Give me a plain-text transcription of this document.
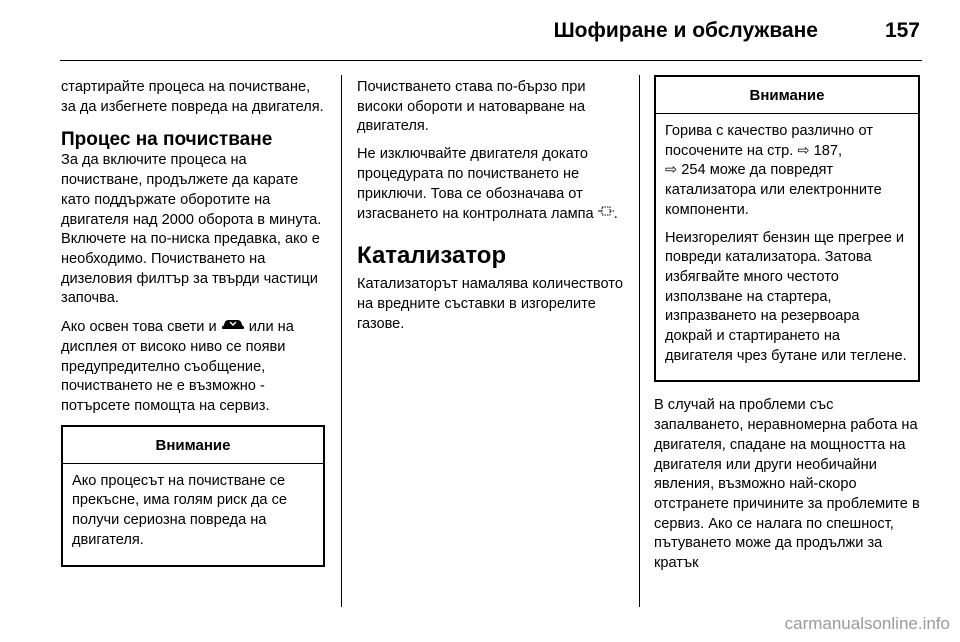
Шофиране и обслужване	157

стартирайте процеса на почистване, за да избегнете повреда на двигателя.

Процес на почистване

За да включите процеса на почистване, продължете да карате като поддържате оборотите на двигателя над 2000 оборота в минута. Включете на по-ниска предавка, ако е необходимо. Почистването на дизеловия филтър за твърди частици започва.

Ако освен това свети и или на дисплея от високо ниво се появи предупредително съобщение, почистването не е възможно - потърсете помощта на сервиз.

Внимание

Ако процесът на почистване се прекъсне, има голям риск да се получи сериозна повреда на двигателя.

Почистването става по-бързо при високи обороти и натоварване на двигателя.

Не изключвайте двигателя докато процедурата по почистването не приключи. Това се обозначава от изгасването на контролната лампа .

Катализатор

Катализаторът намалява количеството на вредните съставки в изгорелите газове.

Внимание

Горива с качество различно от посочените на стр. ⇨ 187,
⇨ 254 може да повредят катализатора или електронните компоненти.

Неизгорелият бензин ще прегрее и повреди катализатора. Затова избягвайте много честото използване на стартера, изпразването на резервоара докрай и стартирането на двигателя чрез бутане или теглене.

В случай на проблеми със запалването, неравномерна работа на двигателя, спадане на мощността на двигателя или други необичайни явления, възможно най-скоро отстранете причините за проблемите в сервиз. Ако се налага по спешност, пътуването може да продължи за кратък

carmanualsonline.info
